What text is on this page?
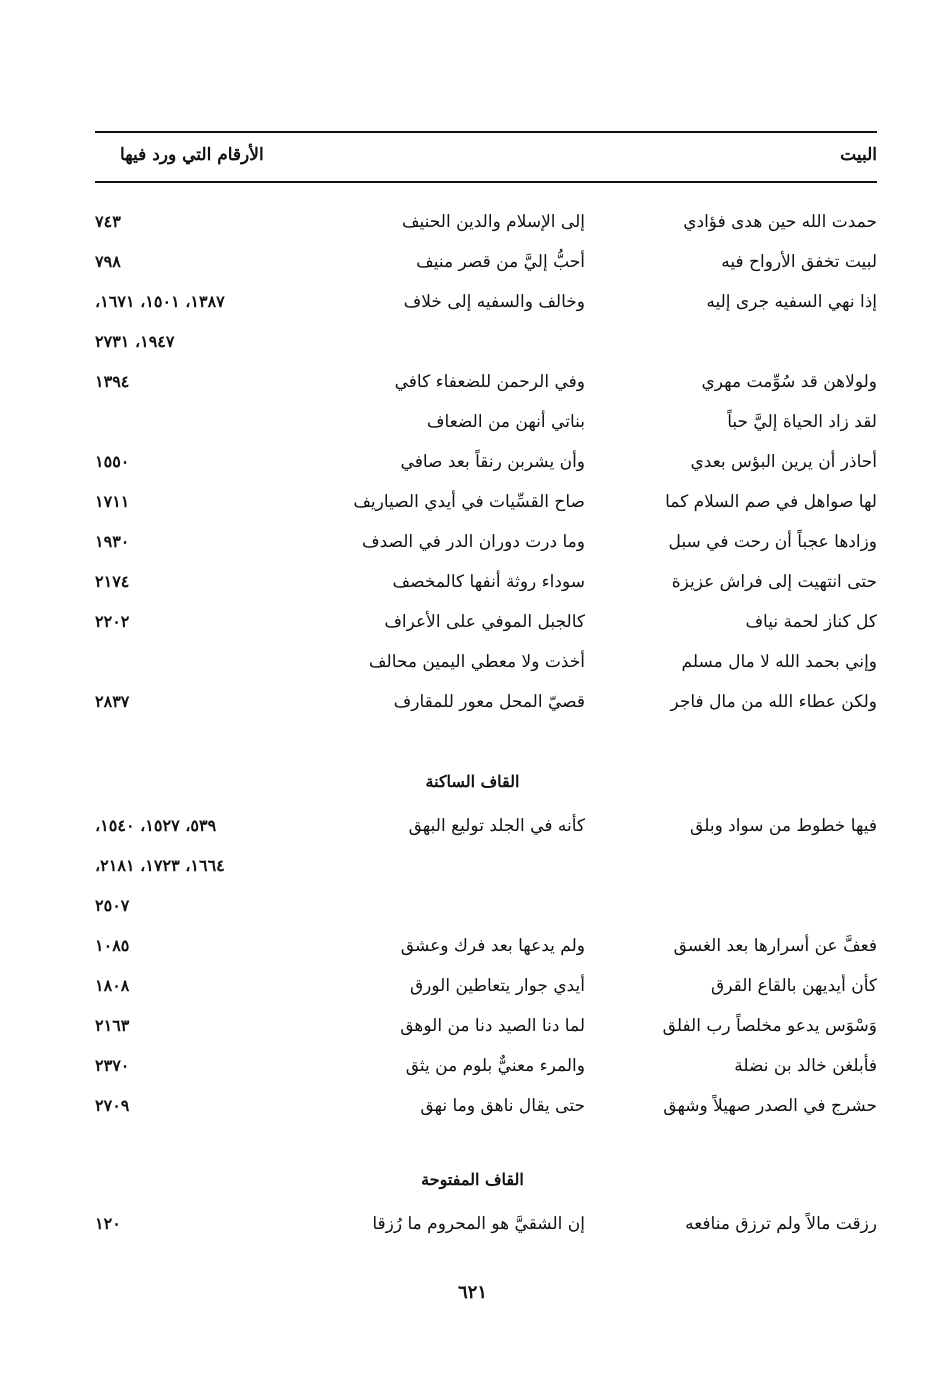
البيت
الأرقام التي ورد فيها
حمدت الله حين هدى فؤادي
إلى الإسلام والدين الحنيف
٧٤٣
لبيت تخفق الأرواح فيه
أحبُّ إليَّ من قصر منيف
٧٩٨
إذا نهي السفيه جرى إليه
وخالف والسفيه إلى خلاف
١٣٨٧، ١٥٠١، ١٦٧١،
١٩٤٧، ٢٧٣١
ولولاهن قد سُوِّمت مهري
وفي الرحمن للضعفاء كافي
١٣٩٤
لقد زاد الحياة إليَّ حباً
بناتي أنهن من الضعاف
أحاذر أن يرين البؤس بعدي
وأن يشربن رنقاً بعد صافي
١٥٥٠
لها صواهل في صم السلام كما
صاح القسِّيات في أيدي الصياريف
١٧١١
وزادها عجباً أن رحت في سبل
وما درت دوران الدر في الصدف
١٩٣٠
حتى انتهيت إلى فراش عزيزة
سوداء روثة أنفها كالمخصف
٢١٧٤
كل كناز لحمة نياف
كالجبل الموفي على الأعراف
٢٢٠٢
وإني بحمد الله لا مال مسلم
أخذت ولا معطي اليمين محالف
ولكن عطاء الله من مال فاجر
قصيّ المحل معور للمقارف
٢٨٣٧
القاف الساكنة
فيها خطوط من سواد وبلق
كأنه في الجلد توليع البهق
٥٣٩، ١٥٢٧، ١٥٤٠،
١٦٦٤، ١٧٢٣، ٢١٨١،
٢٥٠٧
فعفَّ عن أسرارها بعد الغسق
ولم يدعها بعد فرك وعشق
١٠٨٥
كأن أيديهن بالقاع القرق
أيدي جوار يتعاطين الورق
١٨٠٨
وَسْوَس يدعو مخلصاً رب الفلق
لما دنا الصيد دنا من الوهق
٢١٦٣
فأبلغن خالد بن نضلة
والمرء معنيٌّ بلوم من يثق
٢٣٧٠
حشرج في الصدر صهيلاً وشهق
حتى يقال ناهق وما نهق
٢٧٠٩
القاف المفتوحة
رزقت مالاً ولم ترزق منافعه
إن الشقيَّ هو المحروم ما رُزقا
١٢٠
٦٢١
